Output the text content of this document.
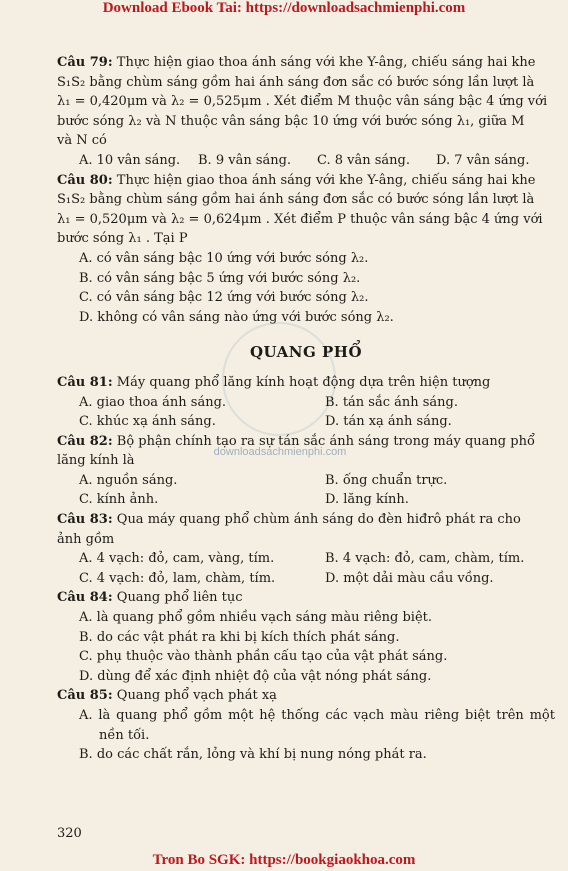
Download Ebook Tai: https://downloadsachmienphi.com
downloadsachmienphi.com
Câu 79: Thực hiện giao thoa ánh sáng với khe Y-âng, chiếu sáng hai khe
S₁S₂ bằng chùm sáng gồm hai ánh sáng đơn sắc có bước sóng lần lượt là
λ₁ = 0,420μm và λ₂ = 0,525μm . Xét điểm M thuộc vân sáng bậc 4 ứng với
bước sóng λ₂ và N thuộc vân sáng bậc 10 ứng với bước sóng λ₁, giữa M
và N có
A. 10 vân sáng.	B. 9 vân sáng.	C. 8 vân sáng.	D. 7 vân sáng.
Câu 80: Thực hiện giao thoa ánh sáng với khe Y-âng, chiếu sáng hai khe
S₁S₂ bằng chùm sáng gồm hai ánh sáng đơn sắc có bước sóng lần lượt là
λ₁ = 0,520μm và λ₂ = 0,624μm . Xét điểm P thuộc vân sáng bậc 4 ứng với
bước sóng λ₁ . Tại P
A. có vân sáng bậc 10 ứng với bước sóng λ₂.
B. có vân sáng bậc 5 ứng với bước sóng λ₂.
C. có vân sáng bậc 12 ứng với bước sóng λ₂.
D. không có vân sáng nào ứng với bước sóng λ₂.
QUANG PHỔ
Câu 81: Máy quang phổ lăng kính hoạt động dựa trên hiện tượng
A. giao thoa ánh sáng.	B. tán sắc ánh sáng.
C. khúc xạ ánh sáng.	D. tán xạ ánh sáng.
Câu 82: Bộ phận chính tạo ra sự tán sắc ánh sáng trong máy quang phổ
lăng kính là
A. nguồn sáng.	B. ống chuẩn trực.
C. kính ảnh.	D. lăng kính.
Câu 83: Qua máy quang phổ chùm ánh sáng do đèn hiđrô phát ra cho
ảnh gồm
A. 4 vạch: đỏ, cam, vàng, tím.	B. 4 vạch: đỏ, cam, chàm, tím.
C. 4 vạch: đỏ, lam, chàm, tím.	D. một dải màu cầu vồng.
Câu 84: Quang phổ liên tục
A. là quang phổ gồm nhiều vạch sáng màu riêng biệt.
B. do các vật phát ra khi bị kích thích phát sáng.
C. phụ thuộc vào thành phần cấu tạo của vật phát sáng.
D. dùng để xác định nhiệt độ của vật nóng phát sáng.
Câu 85: Quang phổ vạch phát xạ
A. là quang phổ gồm một hệ thống các vạch màu riêng biệt trên một nền tối.
B. do các chất rắn, lỏng và khí bị nung nóng phát ra.
320
Tron Bo SGK: https://bookgiaokhoa.com
